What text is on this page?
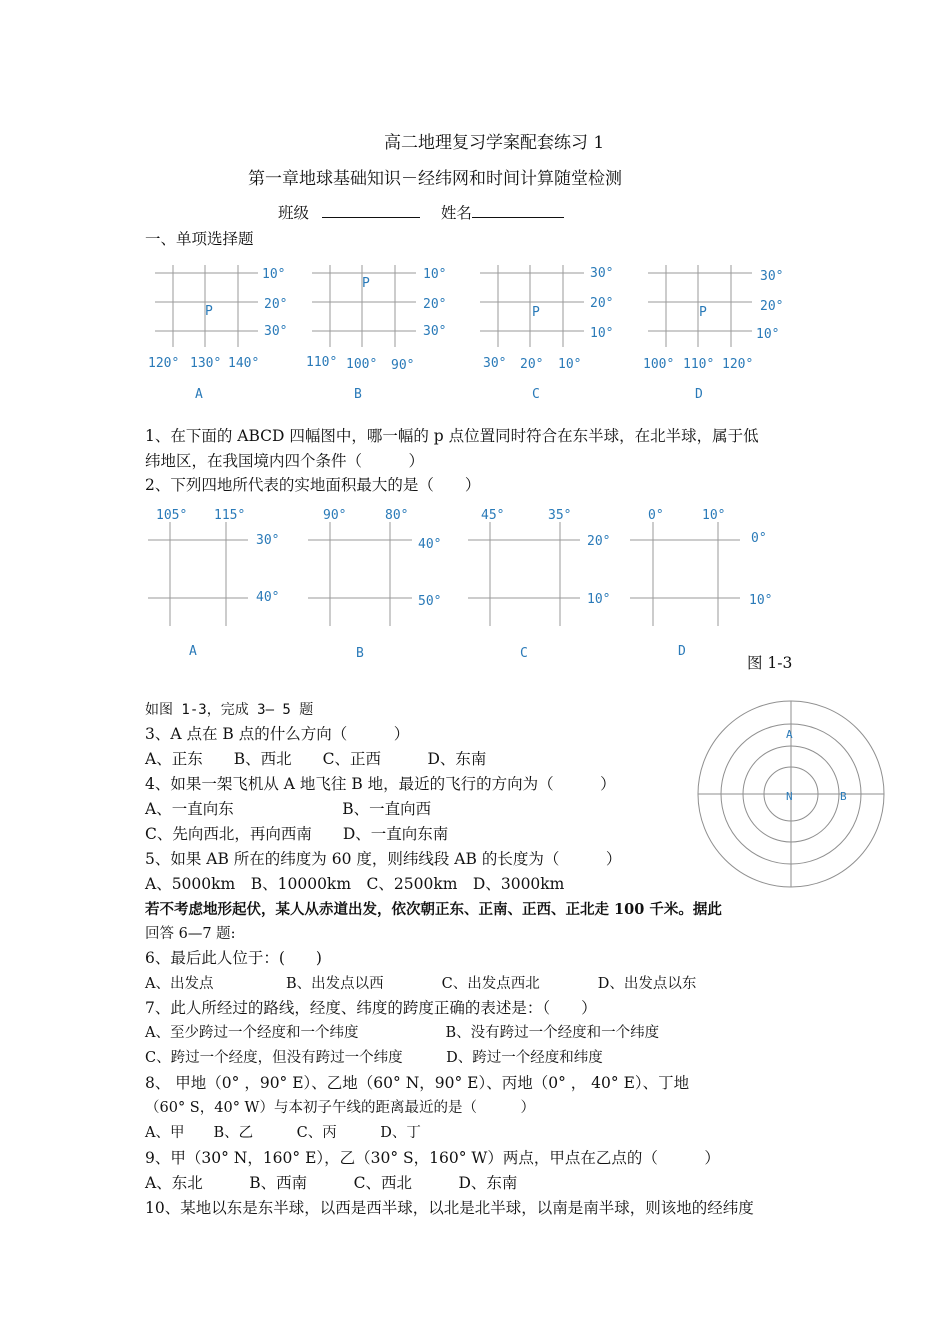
高二地理复习学案配套练习 1
第一章地球基础知识－经纬网和时间计算随堂检测
班级	姓名
一、单项选择题
10°
20°
30°
P
120° 130° 140°
A
10°
20°
30°
P
110° 100° 90°
B
30°
20°
10°
P
30° 20° 10°
C
30°
20°
10°
P
100° 110° 120°
D
1、在下面的 ABCD 四幅图中，哪一幅的 p 点位置同时符合在东半球，在北半球，属于低
纬地区，在我国境内四个条件（　　　）
2、下列四地所代表的实地面积最大的是（　　）
105° 115°
30°
40°
A
90°	80°
40°
50°
B
45°	35°
20°
10°
C
0°	10°
0°
10°
D
图 1-3
A
B
N
如图 1-3，完成 3— 5 题
3、A 点在 B 点的什么方向（　　　）
A、正东　　B、西北　　C、正西　　　D、东南
4、如果一架飞机从 A 地飞往 B 地，最近的飞行的方向为（　　　）
A、一直向东　　　　　　　B、一直向西
C、先向西北，再向西南　　D、一直向东南
5、如果 AB 所在的纬度为 60 度，则纬线段 AB 的长度为（　　　）
A、5000km　B、10000km　C、2500km　D、3000km
若不考虑地形起伏，某人从赤道出发，依次朝正东、正南、正西、正北走 100 千米。据此
回答 6—7 题:
6、最后此人位于：(　　)
A、出发点　　　　　B、出发点以西　　　　C、出发点西北　　　　D、出发点以东
7、此人所经过的路线，经度、纬度的跨度正确的表述是：（　　）
A、至少跨过一个经度和一个纬度　　　　　　B、没有跨过一个经度和一个纬度
C、跨过一个经度，但没有跨过一个纬度　　　D、跨过一个经度和纬度
8、 甲地（0° ，90° E）、乙地（60° N，90° E）、丙地（0° ， 40° E）、丁地
（60° S，40° W）与本初子午线的距离最近的是（　　　）
A、甲　　B、乙　　　C、丙　　　D、丁
9、甲（30° N，160° E），乙（30° S，160° W）两点，甲点在乙点的（　　　）
A、东北　　　B、西南　　　C、西北　　　D、东南
10、某地以东是东半球，以西是西半球，以北是北半球，以南是南半球，则该地的经纬度
